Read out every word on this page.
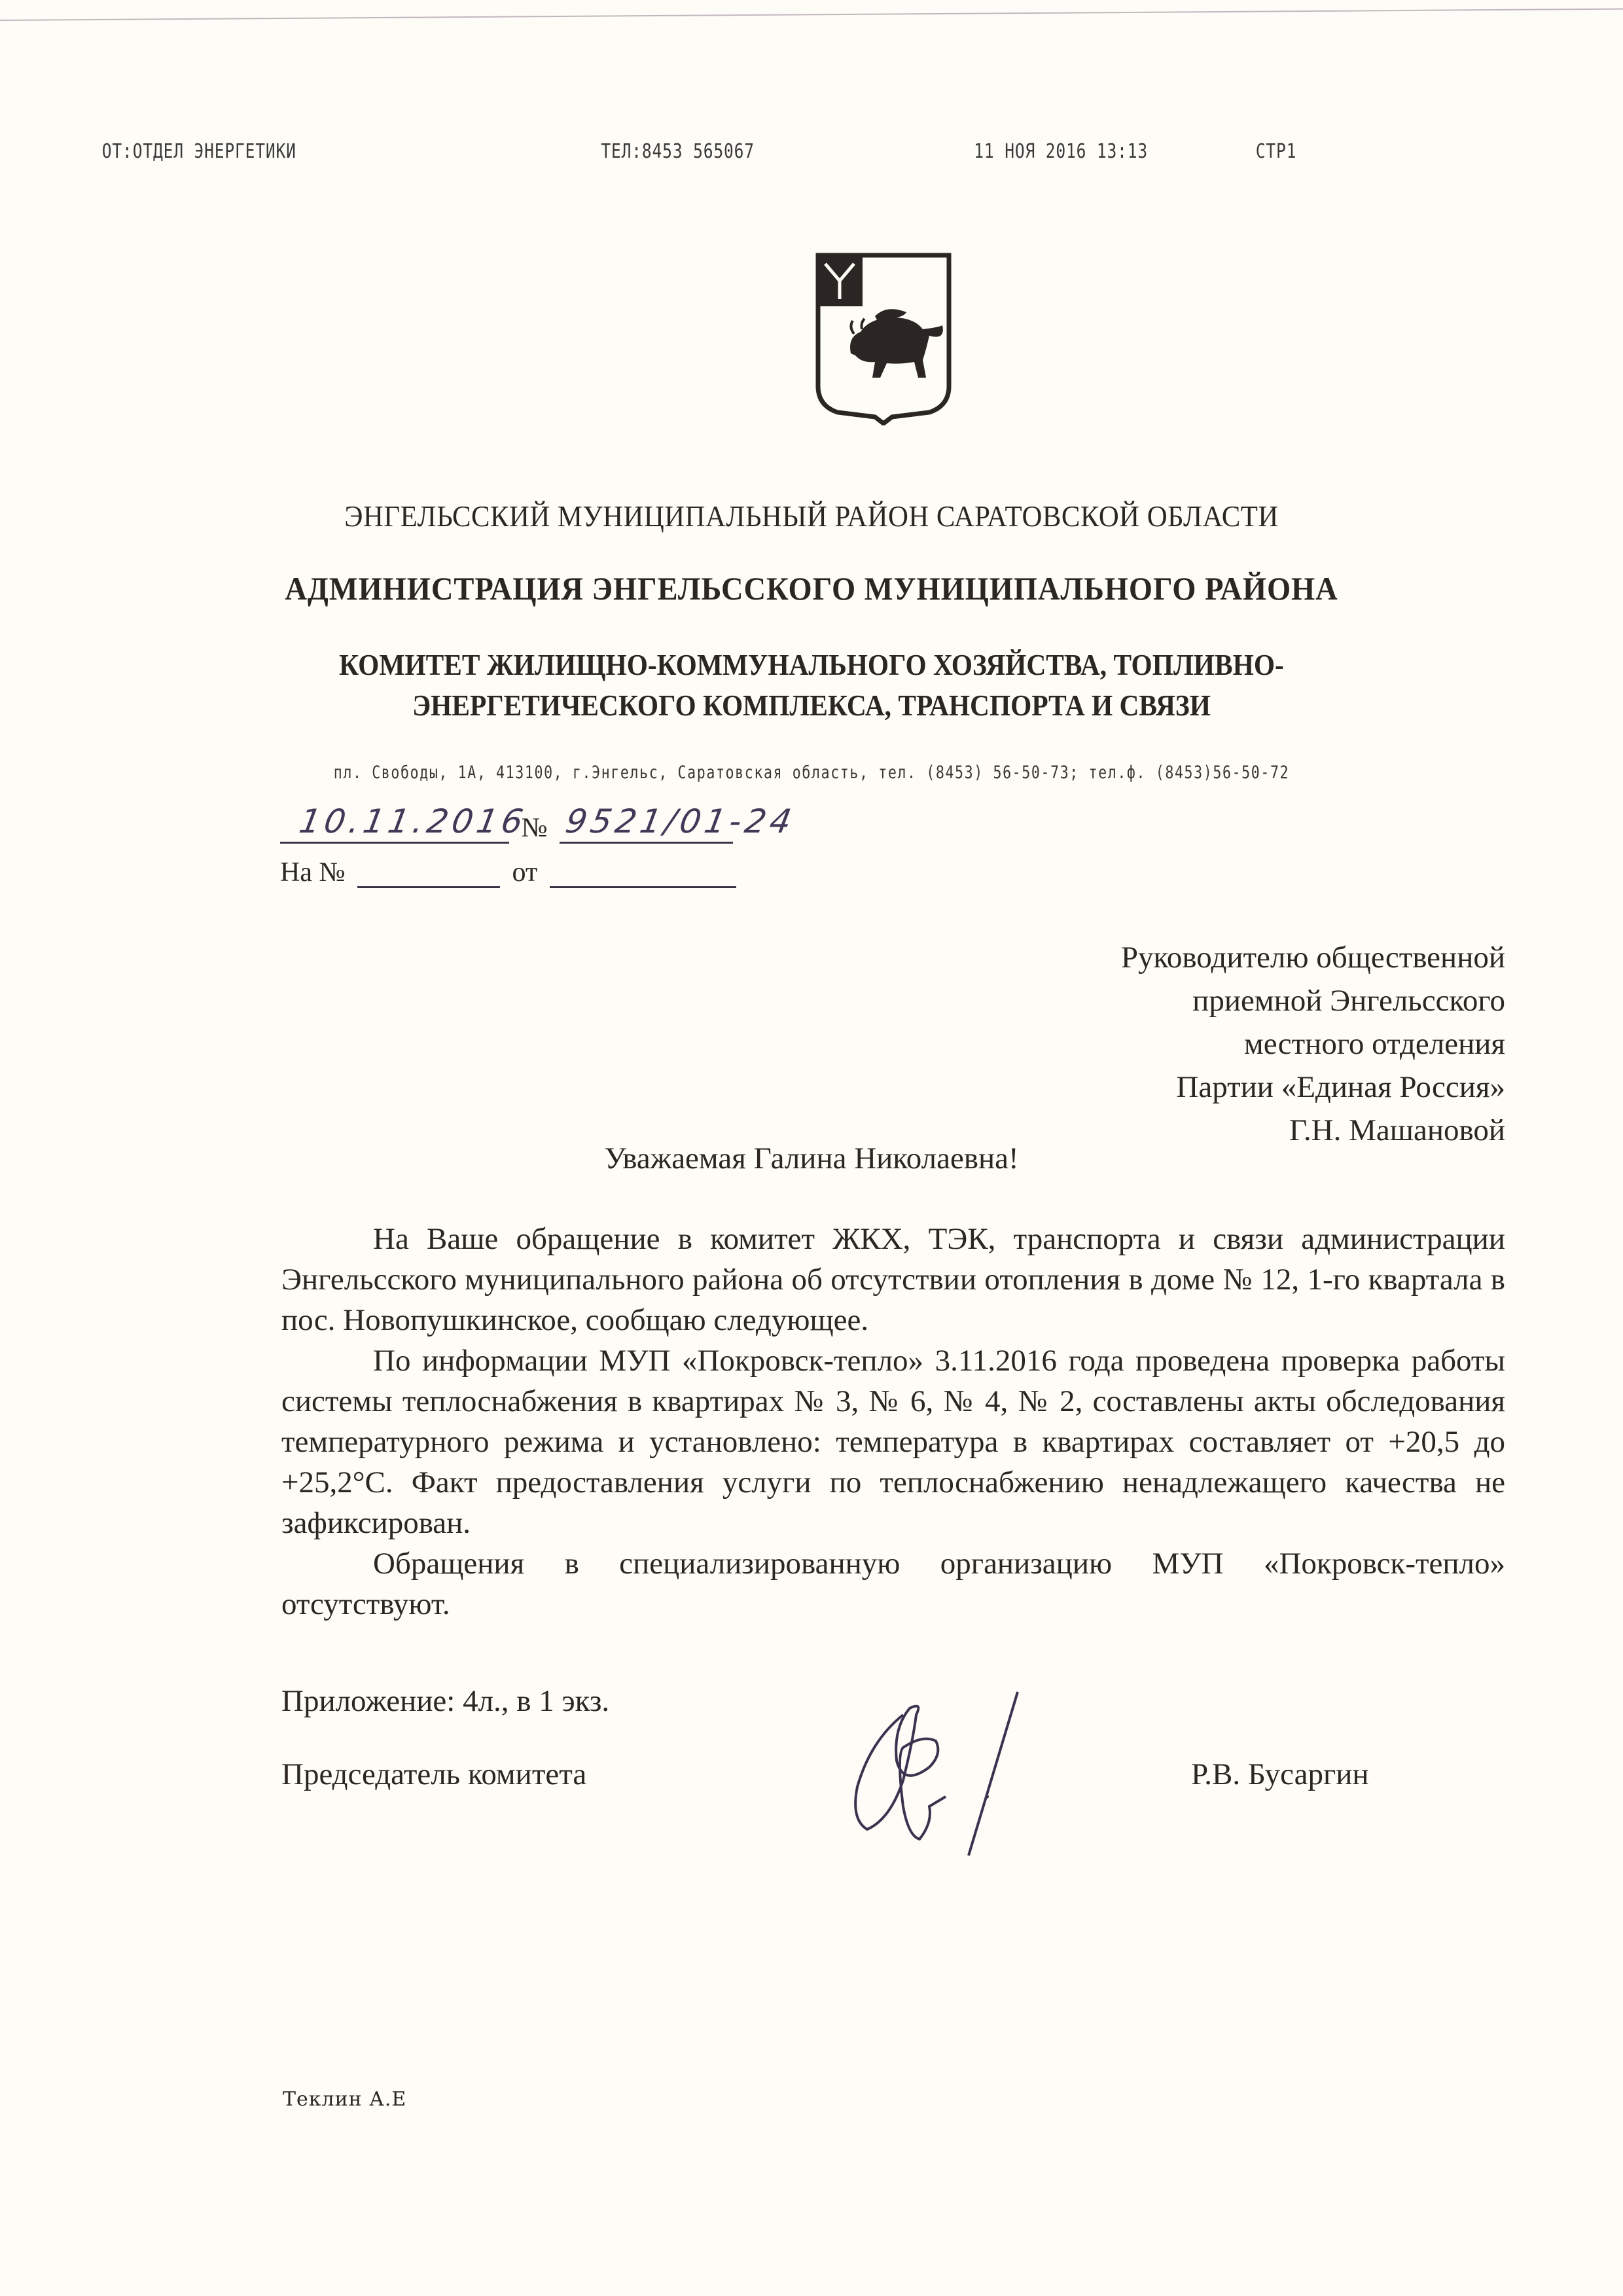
ОТ:ОТДЕЛ ЭНЕРГЕТИКИ	ТЕЛ:8453 565067	11 НОЯ 2016 13:13	СТР1
ЭНГЕЛЬССКИЙ МУНИЦИПАЛЬНЫЙ РАЙОН САРАТОВСКОЙ ОБЛАСТИ
АДМИНИСТРАЦИЯ ЭНГЕЛЬССКОГО МУНИЦИПАЛЬНОГО РАЙОНА
КОМИТЕТ ЖИЛИЩНО-КОММУНАЛЬНОГО ХОЗЯЙСТВА, ТОПЛИВНО-
ЭНЕРГЕТИЧЕСКОГО КОМПЛЕКСА, ТРАНСПОРТА И СВЯЗИ
пл. Свободы, 1А, 413100, г.Энгельс, Саратовская область, тел. (8453) 56-50-73; тел.ф. (8453)56-50-72
10.11.2016
№ 9521/01-24
На №	от
Руководителю общественной
приемной Энгельсского
местного отделения
Партии «Единая Россия»
Г.Н. Машановой
Уважаемая Галина Николаевна!

На Ваше обращение в комитет ЖКХ, ТЭК, транспорта и связи администрации Энгельсского муниципального района об отсутствии отопления в доме № 12, 1-го квартала в пос. Новопушкинское, сообщаю следующее.

По информации МУП «Покровск-тепло» 3.11.2016 года проведена проверка работы системы теплоснабжения в квартирах № 3, № 6, № 4, № 2, составлены акты обследования температурного режима и установлено: температура в квартирах составляет от +20,5 до +25,2°С. Факт предоставления услуги по теплоснабжению ненадлежащего качества не зафиксирован.

Обращения в специализированную организацию МУП «Покровск-тепло» отсутствуют.

Приложение: 4л., в 1 экз.
Председатель комитета	Р.В. Бусаргин
Теклин А.Е
